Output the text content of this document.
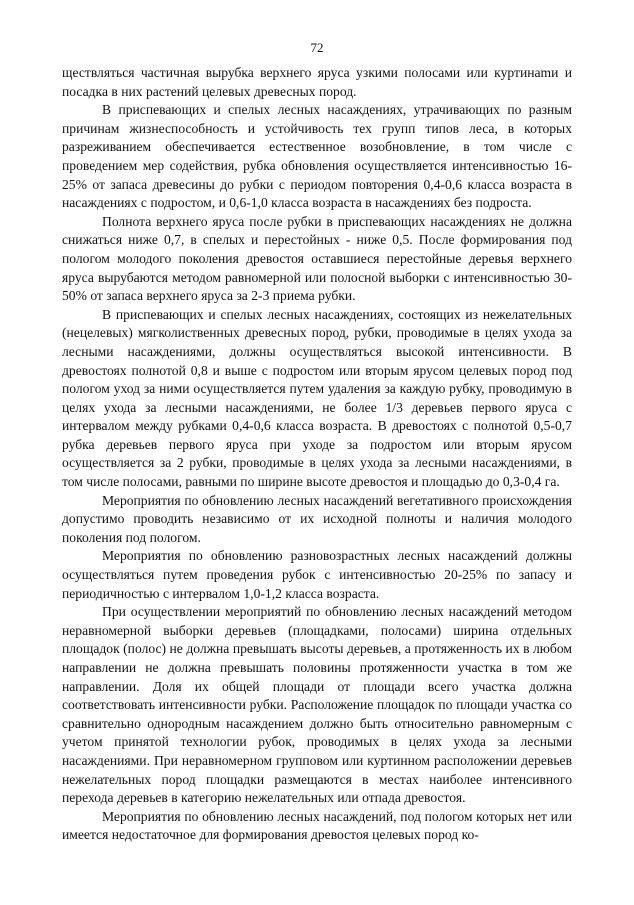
72

ществляться частичная вырубка верхнего яруса узкими полосами или куртинаmи и посадка в них растений целевых древесных пород.

В приспевающих и спелых лесных насаждениях, утрачивающих по разным причинам жизнеспособность и устойчивость тех групп типов леса, в которых разреживанием обеспечивается естественное возобновление, в том числе с проведением мер содействия, рубка обновления осуществляется интенсивностью 16-25% от запаса древесины до рубки с периодом повторения 0,4-0,6 класса возраста в насаждениях с подростом, и 0,6-1,0 класса возраста в насаждениях без подроста.

Полнота верхнего яруса после рубки в приспевающих насаждениях не должна снижаться ниже 0,7, в спелых и перестойных - ниже 0,5. После формирования под пологом молодого поколения древостоя оставшиеся перестойные деревья верхнего яруса вырубаются методом равномерной или полосной выборки с интенсивностью 30-50% от запаса верхнего яруса за 2-3 приема рубки.

В приспевающих и спелых лесных насаждениях, состоящих из нежелательных (нецелевых) мягколиственных древесных пород, рубки, проводимые в целях ухода за лесными насаждениями, должны осуществляться высокой интенсивности. В древостоях полнотой 0,8 и выше с подростом или вторым ярусом целевых пород под пологом уход за ними осуществляется путем удаления за каждую рубку, проводимую в целях ухода за лесными насаждениями, не более 1/3 деревьев первого яруса с интервалом между рубками 0,4-0,6 класса возраста. В древостоях с полнотой 0,5-0,7 рубка деревьев первого яруса при уходе за подростом или вторым ярусом осуществляется за 2 рубки, проводимые в целях ухода за лесными насаждениями, в том числе полосами, равными по ширине высоте древостоя и площадью до 0,3-0,4 га.

Мероприятия по обновлению лесных насаждений вегетативного происхождения допустимо проводить независимо от их исходной полноты и наличия молодого поколения под пологом.

Мероприятия по обновлению разновозрастных лесных насаждений должны осуществляться путем проведения рубок с интенсивностью 20-25% по запасу и периодичностью с интервалом 1,0-1,2 класса возраста.

При осуществлении мероприятий по обновлению лесных насаждений методом неравномерной выборки деревьев (площадками, полосами) ширина отдельных площадок (полос) не должна превышать высоты деревьев, а протяженность их в любом направлении не должна превышать половины протяженности участка в том же направлении. Доля их общей площади от площади всего участка должна соответствовать интенсивности рубки. Расположение площадок по площади участка со сравнительно однородным насаждением должно быть относительно равномерным с учетом принятой технологии рубок, проводимых в целях ухода за лесными насаждениями. При неравномерном групповом или куртинном расположении деревьев нежелательных пород площадки размещаются в местах наиболее интенсивного перехода деревьев в категорию нежелательных или отпада древостоя.

Мероприятия по обновлению лесных насаждений, под пологом которых нет или имеется недостаточное для формирования древостоя целевых пород ко-
